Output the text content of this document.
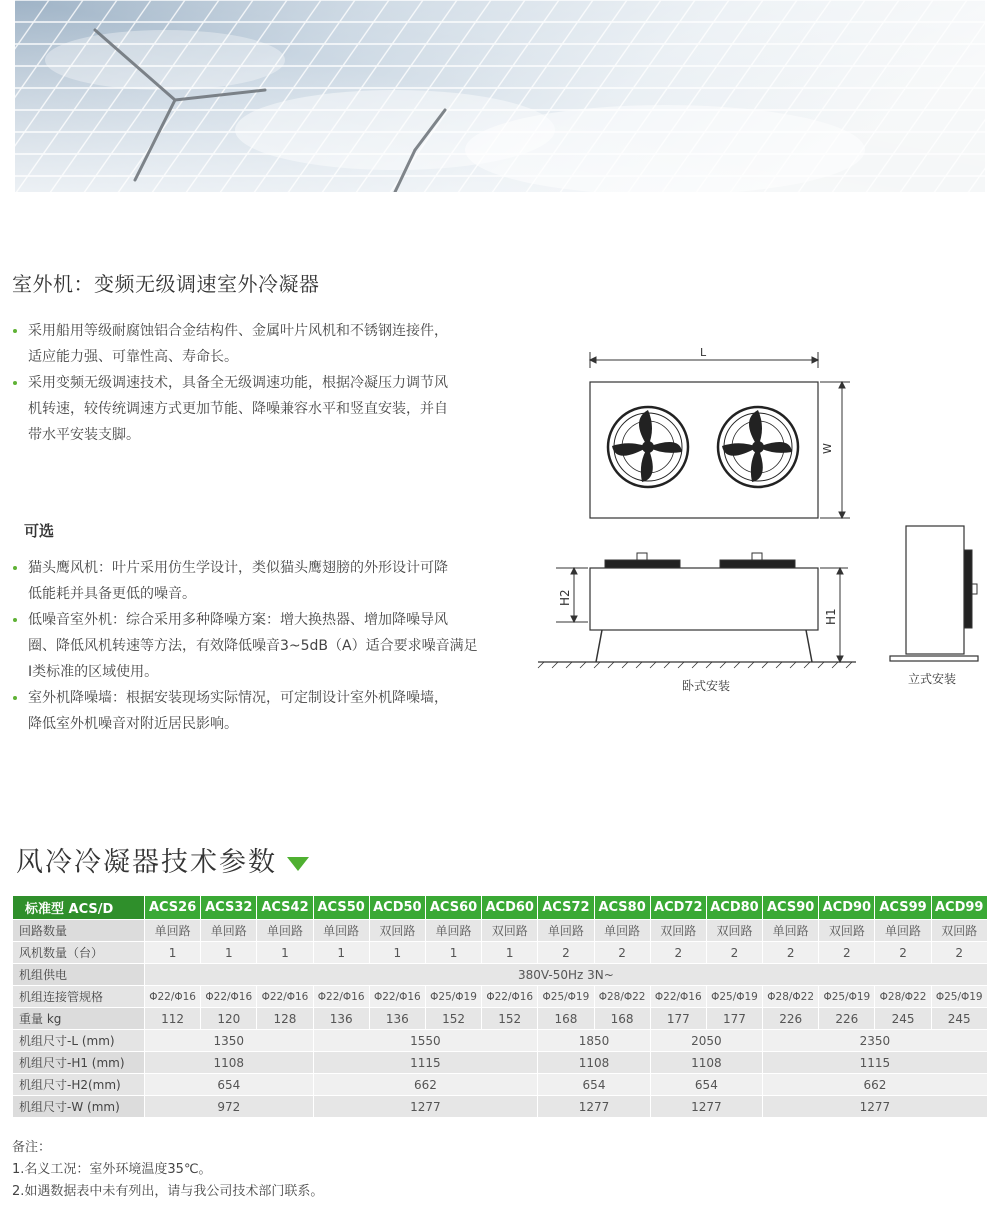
室外机：变频无级调速室外冷凝器
采用船用等级耐腐蚀铝合金结构件、金属叶片风机和不锈钢连接件，
适应能力强、可靠性高、寿命长。
采用变频无级调速技术，具备全无级调速功能，根据冷凝压力调节风
机转速，较传统调速方式更加节能、降噪兼容水平和竖直安装，并自
带水平安装支脚。
可选
猫头鹰风机：叶片采用仿生学设计，类似猫头鹰翅膀的外形设计可降
低能耗并具备更低的噪音。
低噪音室外机：综合采用多种降噪方案：增大换热器、增加降噪导风
圈、降低风机转速等方法，有效降低噪音3~5dB（A）适合要求噪音满足
Ⅰ类标准的区域使用。
室外机降噪墙：根据安装现场实际情况，可定制设计室外机降噪墙，
降低室外机噪音对附近居民影响。
L
W
H2
H1
卧式安装	立式安装
风冷冷凝器技术参数
标准型 ACS/D	ACS26	ACS32	ACS42	ACS50	ACD50	ACS60	ACD60	ACS72	ACS80	ACD72	ACD80	ACS90	ACD90	ACS99	ACD99
回路数量	单回路	单回路	单回路	单回路	双回路	单回路	双回路	单回路	单回路	双回路	双回路	单回路	双回路	单回路	双回路
风机数量（台）	1	1	1	1	1	1	1	2	2	2	2	2	2	2	2
机组供电	380V-50Hz 3N~														
机组连接管规格	Φ22/Φ16	Φ22/Φ16	Φ22/Φ16	Φ22/Φ16	Φ22/Φ16	Φ25/Φ19	Φ22/Φ16	Φ25/Φ19	Φ28/Φ22	Φ22/Φ16	Φ25/Φ19	Φ28/Φ22	Φ25/Φ19	Φ28/Φ22	Φ25/Φ19
重量 kg	112	120	128	136	136	152	152	168	168	177	177	226	226	245	245
机组尺寸-L (mm)	1350			1550				1850		2050		2350			
机组尺寸-H1 (mm)	1108			1115				1108		1108		1115			
机组尺寸-H2(mm)	654			662				654		654		662			
机组尺寸-W (mm)	972			1277				1277		1277		1277			
备注：
1.名义工况：室外环境温度35℃。
2.如遇数据表中未有列出，请与我公司技术部门联系。
